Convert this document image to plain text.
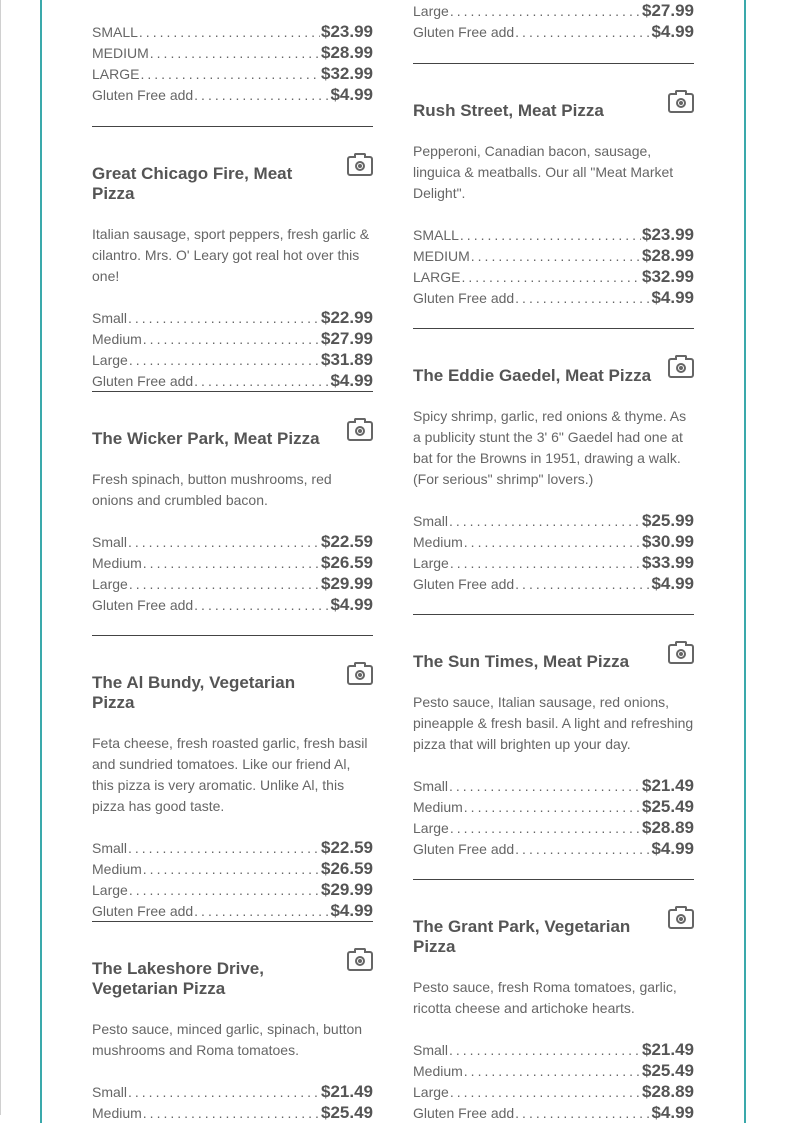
SMALL .....	$23.99
MEDIUM .....	$28.99
LARGE .....	$32.99
Gluten Free add .....	$4.99
Great Chicago Fire, Meat Pizza
Italian sausage, sport peppers, fresh garlic & cilantro. Mrs. O' Leary got real hot over this one!
Small .....	$22.99
Medium .....	$27.99
Large .....	$31.89
Gluten Free add .....	$4.99
The Wicker Park, Meat Pizza
Fresh spinach, button mushrooms, red onions and crumbled bacon.
Small .....	$22.59
Medium .....	$26.59
Large .....	$29.99
Gluten Free add .....	$4.99
The Al Bundy, Vegetarian Pizza
Feta cheese, fresh roasted garlic, fresh basil and sundried tomatoes. Like our friend Al, this pizza is very aromatic. Unlike Al, this pizza has good taste.
Small .....	$22.59
Medium .....	$26.59
Large .....	$29.99
Gluten Free add .....	$4.99
The Lakeshore Drive, Vegetarian Pizza
Pesto sauce, minced garlic, spinach, button mushrooms and Roma tomatoes.
Small .....	$21.49
Medium .....	$25.49
Large .....	$27.99
Gluten Free add .....	$4.99
Rush Street, Meat Pizza
Pepperoni, Canadian bacon, sausage, linguica & meatballs. Our all "Meat Market Delight".
SMALL .....	$23.99
MEDIUM .....	$28.99
LARGE .....	$32.99
Gluten Free add .....	$4.99
The Eddie Gaedel, Meat Pizza
Spicy shrimp, garlic, red onions & thyme. As a publicity stunt the 3' 6" Gaedel had one at bat for the Browns in 1951, drawing a walk. (For serious" shrimp" lovers.)
Small .....	$25.99
Medium .....	$30.99
Large .....	$33.99
Gluten Free add .....	$4.99
The Sun Times, Meat Pizza
Pesto sauce, Italian sausage, red onions, pineapple & fresh basil. A light and refreshing pizza that will brighten up your day.
Small .....	$21.49
Medium .....	$25.49
Large .....	$28.89
Gluten Free add .....	$4.99
The Grant Park, Vegetarian Pizza
Pesto sauce, fresh Roma tomatoes, garlic, ricotta cheese and artichoke hearts.
Small .....	$21.49
Medium .....	$25.49
Large .....	$28.89
Gluten Free add .....	$4.99
